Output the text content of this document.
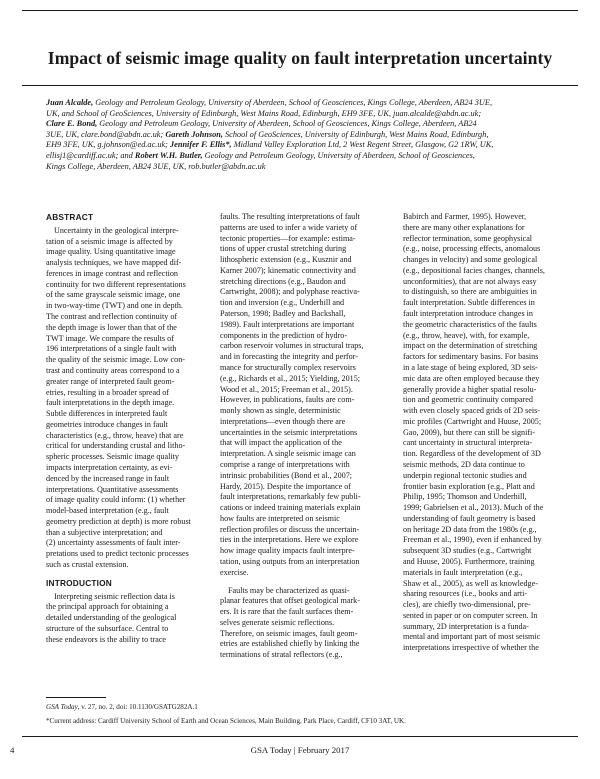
Impact of seismic image quality on fault interpretation uncertainty
Juan Alcalde, Geology and Petroleum Geology, University of Aberdeen, School of Geosciences, Kings College, Aberdeen, AB24 3UE,
UK, and School of GeoSciences, University of Edinburgh, West Mains Road, Edinburgh, EH9 3FE, UK, juan.alcalde@abdn.ac.uk;
Clare E. Bond, Geology and Petroleum Geology, University of Aberdeen, School of Geosciences, Kings College, Aberdeen, AB24
3UE, UK, clare.bond@abdn.ac.uk; Gareth Johnson, School of GeoSciences, University of Edinburgh, West Mains Road, Edinburgh,
EH9 3FE, UK, g.johnson@ed.ac.uk; Jennifer F. Ellis*, Midland Valley Exploration Ltd, 2 West Regent Street, Glasgow, G2 1RW, UK,
ellisj1@cardiff.ac.uk; and Robert W.H. Butler, Geology and Petroleum Geology, University of Aberdeen, School of Geosciences,
Kings College, Aberdeen, AB24 3UE, UK, rob.butler@abdn.ac.uk
ABSTRACT
Uncertainty in the geological interpre-
tation of a seismic image is affected by
image quality. Using quantitative image
analysis techniques, we have mapped dif-
ferences in image contrast and reflection
continuity for two different representations
of the same grayscale seismic image, one
in two-way-time (TWT) and one in depth.
The contrast and reflection continuity of
the depth image is lower than that of the
TWT image. We compare the results of
196 interpretations of a single fault with
the quality of the seismic image. Low con-
trast and continuity areas correspond to a
greater range of interpreted fault geom-
etries, resulting in a broader spread of
fault interpretations in the depth image.
Subtle differences in interpreted fault
geometries introduce changes in fault
characteristics (e.g., throw, heave) that are
critical for understanding crustal and litho-
spheric processes. Seismic image quality
impacts interpretation certainty, as evi-
denced by the increased range in fault
interpretations. Quantitative assessments
of image quality could inform: (1) whether
model-based interpretation (e.g., fault
geometry prediction at depth) is more robust
than a subjective interpretation; and
(2) uncertainty assessments of fault inter-
pretations used to predict tectonic processes
such as crustal extension.
INTRODUCTION
Interpreting seismic reflection data is
the principal approach for obtaining a
detailed understanding of the geological
structure of the subsurface. Central to
these endeavors is the ability to trace
faults. The resulting interpretations of fault
patterns are used to infer a wide variety of
tectonic properties—for example: estima-
tions of upper crustal stretching during
lithospheric extension (e.g., Kusznir and
Karner 2007); kinematic connectivity and
stretching directions (e.g., Baudon and
Cartwright, 2008); and polyphase reactiva-
tion and inversion (e.g., Underhill and
Paterson, 1998; Badley and Backshall,
1989). Fault interpretations are important
components in the prediction of hydro-
carbon reservoir volumes in structural traps,
and in forecasting the integrity and perfor-
mance for structurally complex reservoirs
(e.g., Richards et al., 2015; Yielding, 2015;
Wood et al., 2015; Freeman et al., 2015).
However, in publications, faults are com-
monly shown as single, deterministic
interpretations—even though there are
uncertainties in the seismic interpretations
that will impact the application of the
interpretation. A single seismic image can
comprise a range of interpretations with
intrinsic probabilities (Bond et al., 2007;
Hardy, 2015). Despite the importance of
fault interpretations, remarkably few publi-
cations or indeed training materials explain
how faults are interpreted on seismic
reflection profiles or discuss the uncertain-
ties in the interpretations. Here we explore
how image quality impacts fault interpre-
tation, using outputs from an interpretation
exercise.
Faults may be characterized as quasi-
planar features that offset geological mark-
ers. It is rare that the fault surfaces them-
selves generate seismic reflections.
Therefore, on seismic images, fault geom-
etries are established chiefly by linking the
terminations of stratal reflectors (e.g.,
Babirch and Farmer, 1995). However,
there are many other explanations for
reflector termination, some geophysical
(e.g., noise, processing effects, anomalous
changes in velocity) and some geological
(e.g., depositional facies changes, channels,
unconformities), that are not always easy
to distinguish, so there are ambiguities in
fault interpretation. Subtle differences in
fault interpretation introduce changes in
the geometric characteristics of the faults
(e.g., throw, heave), with, for example,
impact on the determination of stretching
factors for sedimentary basins. For basins
in a late stage of being explored, 3D seis-
mic data are often employed because they
generally provide a higher spatial resolu-
tion and geometric continuity compared
with even closely spaced grids of 2D seis-
mic profiles (Cartwright and Huuse, 2005;
Gao, 2009), but there can still be signifi-
cant uncertainty in structural interpreta-
tion. Regardless of the development of 3D
seismic methods, 2D data continue to
underpin regional tectonic studies and
frontier basin exploration (e.g., Platt and
Philip, 1995; Thomson and Underhill,
1999; Gabrielsen et al., 2013). Much of the
understanding of fault geometry is based
on heritage 2D data from the 1980s (e.g.,
Freeman et al., 1990), even if enhanced by
subsequent 3D studies (e.g., Cartwright
and Huuse, 2005). Furthermore, training
materials in fault interpretation (e.g.,
Shaw et al., 2005), as well as knowledge-
sharing resources (i.e., books and arti-
cles), are chiefly two-dimensional, pre-
sented in paper or on computer screen. In
summary, 2D interpretation is a funda-
mental and important part of most seismic
interpretations irrespective of whether the
GSA Today, v. 27, no. 2, doi: 10.1130/GSATG282A.1
*Current address: Cardiff University School of Earth and Ocean Sciences, Main Building, Park Place, Cardiff, CF10 3AT, UK.
4	GSA Today | February 2017
